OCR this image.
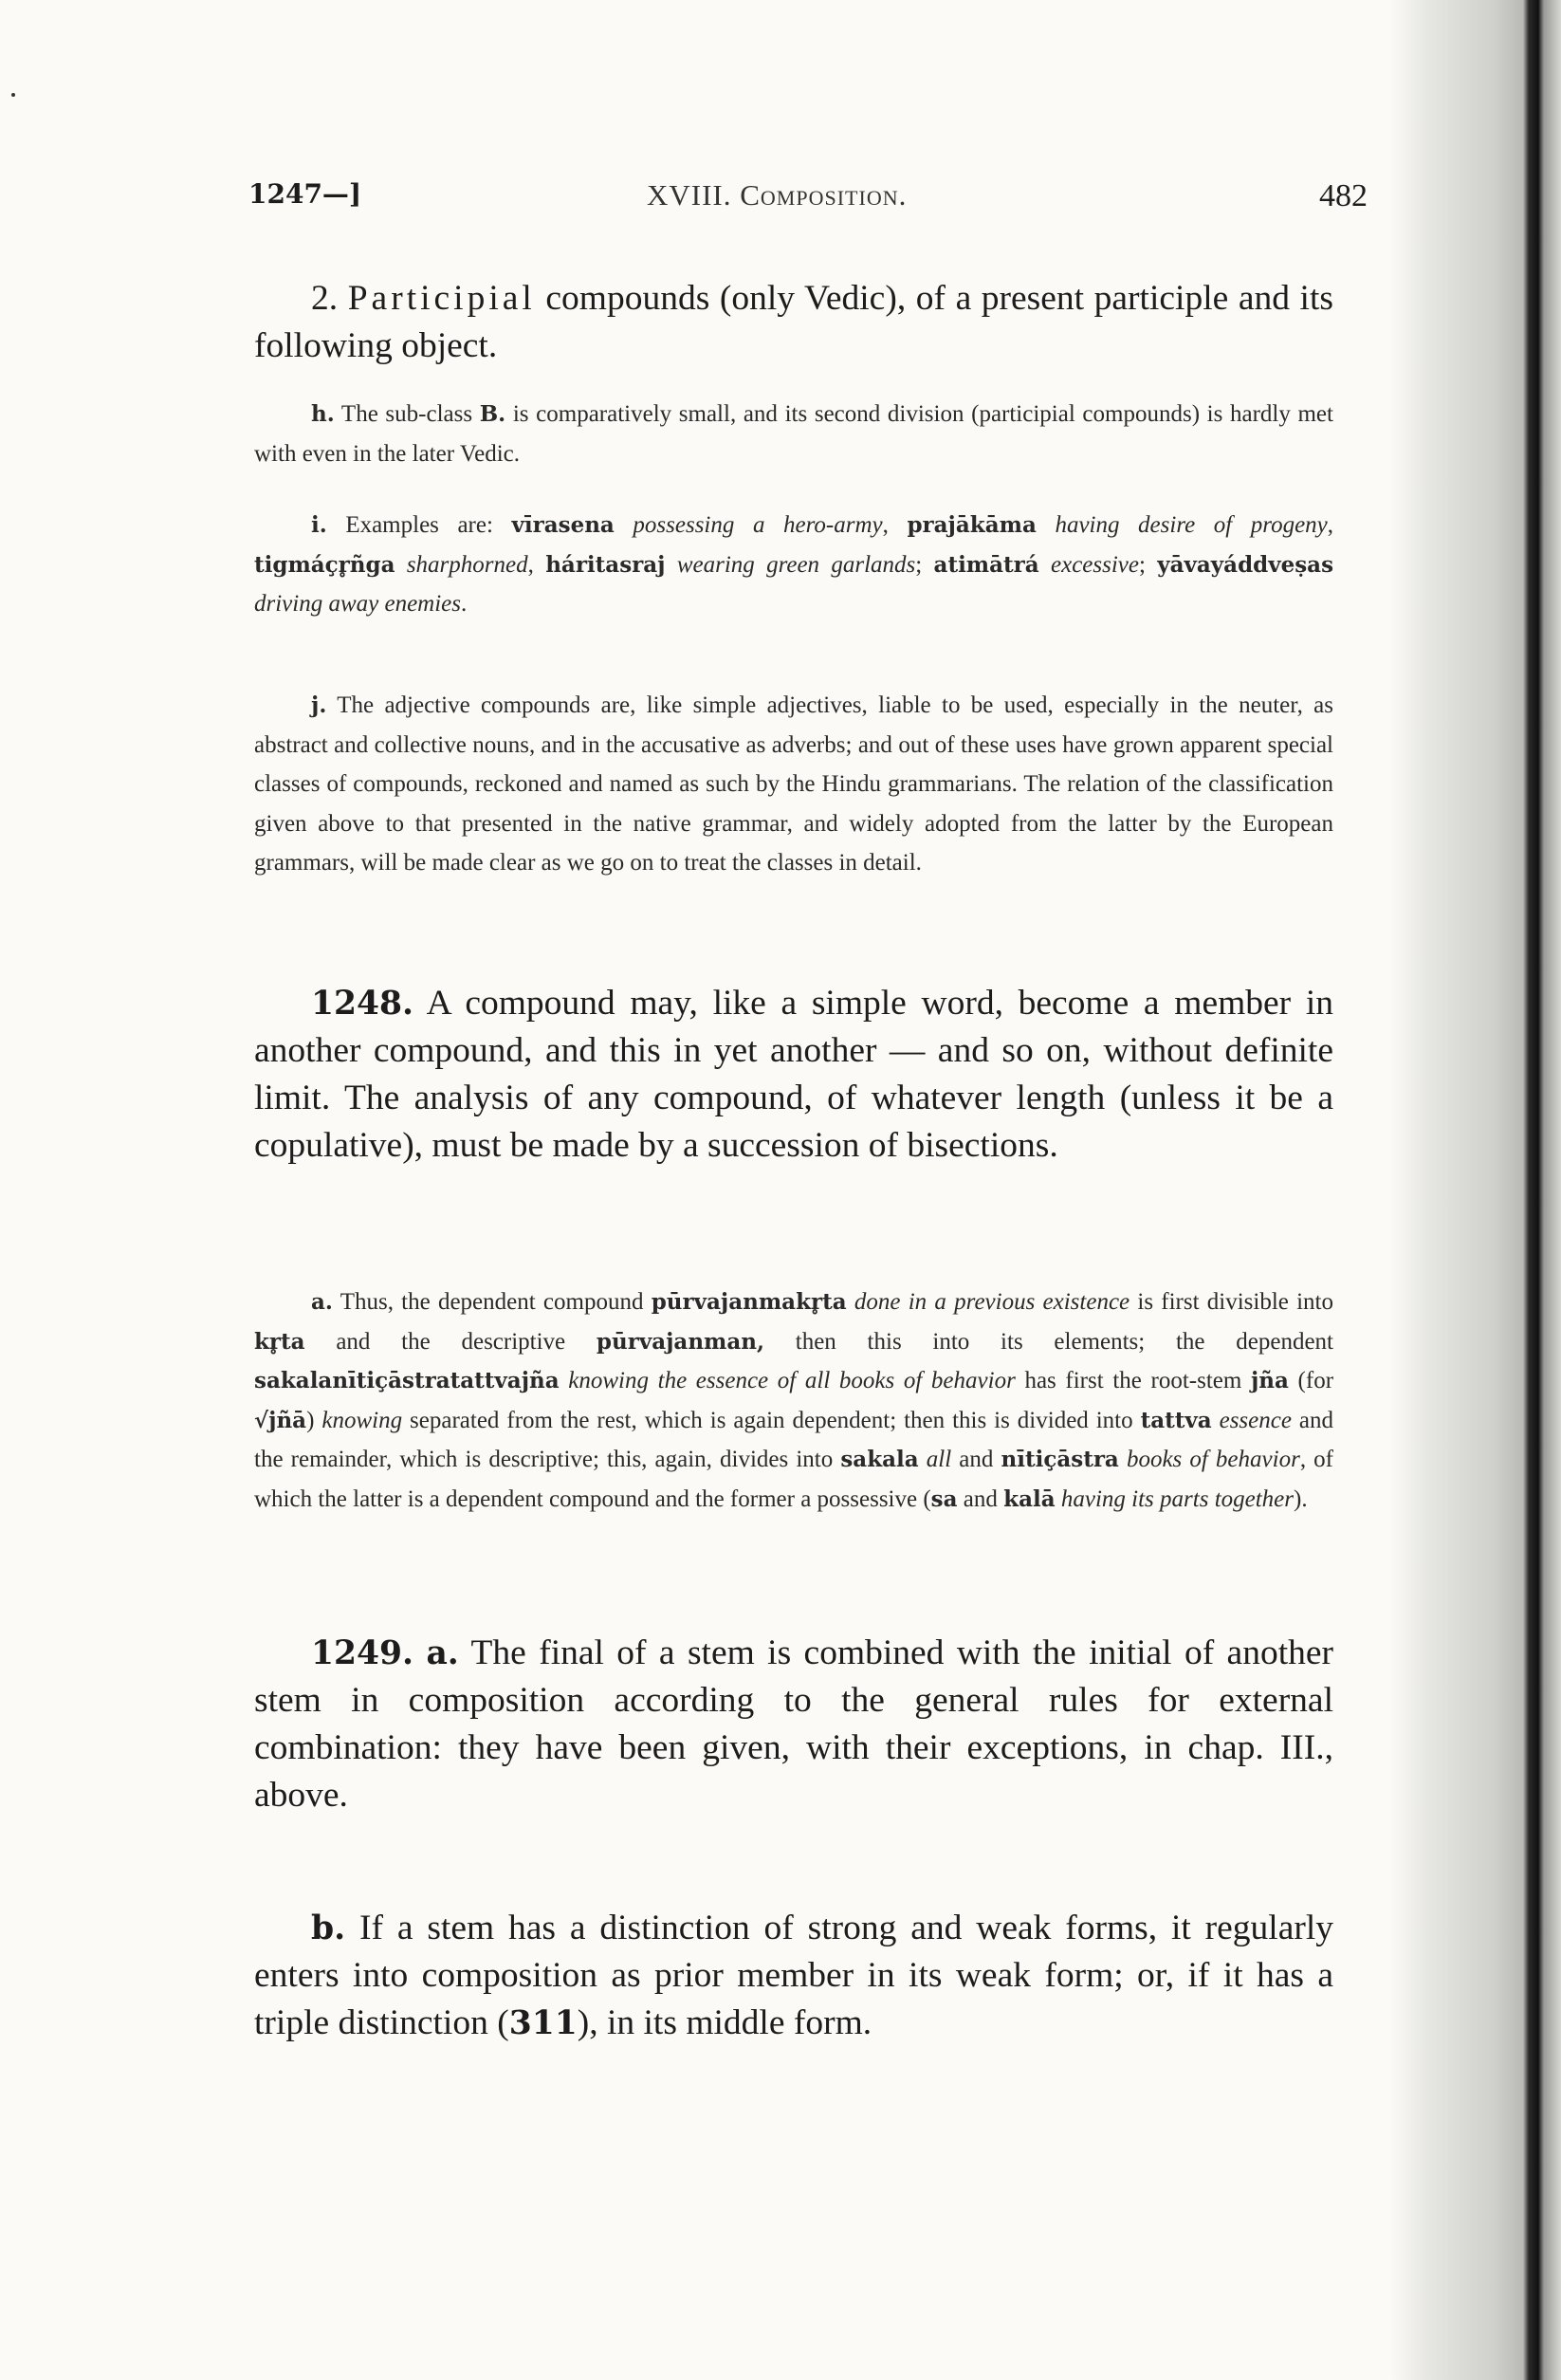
1247—]	XVIII. Composition.	482
2. Participial compounds (only Vedic), of a present participle and its following object.
h. The sub-class B. is comparatively small, and its second division (participial compounds) is hardly met with even in the later Vedic.
i. Examples are: vīrasena possessing a hero-army, prajākāma having desire of progeny, tigmáçr̥ñga sharphorned, háritasraj wearing green garlands; atimātrá excessive; yāvayáddveṣas driving away enemies.
j. The adjective compounds are, like simple adjectives, liable to be used, especially in the neuter, as abstract and collective nouns, and in the accusative as adverbs; and out of these uses have grown apparent special classes of compounds, reckoned and named as such by the Hindu grammarians. The relation of the classification given above to that presented in the native grammar, and widely adopted from the latter by the European grammars, will be made clear as we go on to treat the classes in detail.
1248. A compound may, like a simple word, become a member in another compound, and this in yet another — and so on, without definite limit. The analysis of any compound, of whatever length (unless it be a copulative), must be made by a succession of bisections.
a. Thus, the dependent compound pūrvajanmakr̥ta done in a previous existence is first divisible into kr̥ta and the descriptive pūrvajanman, then this into its elements; the dependent sakalanītiçāstratattvajña knowing the essence of all books of behavior has first the root-stem jña (for √jñā) knowing separated from the rest, which is again dependent; then this is divided into tattva essence and the remainder, which is descriptive; this, again, divides into sakala all and nītiçāstra books of behavior, of which the latter is a dependent compound and the former a possessive (sa and kalā having its parts together).
1249. a. The final of a stem is combined with the initial of another stem in composition according to the general rules for external combination: they have been given, with their exceptions, in chap. III., above.
b. If a stem has a distinction of strong and weak forms, it regularly enters into composition as prior member in its weak form; or, if it has a triple distinction (311), in its middle form.
